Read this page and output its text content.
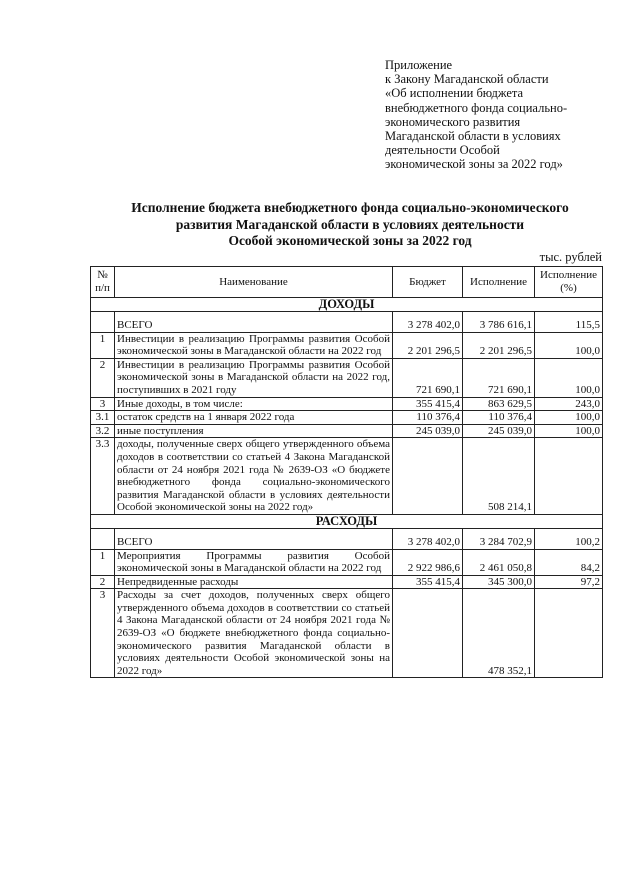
Приложение
к Закону Магаданской области
«Об исполнении бюджета
внебюджетного фонда социально-
экономического развития
Магаданской области в условиях
деятельности Особой
экономической зоны за 2022 год»
Исполнение бюджета внебюджетного фонда социально-экономического
развития Магаданской области в условиях деятельности
Особой экономической зоны за 2022 год
тыс. рублей
№ п/п	Наименование	Бюджет	Исполнение	Исполнение (%)
ДОХОДЫ				
	ВСЕГО	3 278 402,0	3 786 616,1	115,5
1	Инвестиции в реализацию Программы развития Особой экономической зоны в Магаданской области на 2022 год	2 201 296,5	2 201 296,5	100,0
2	Инвестиции в реализацию Программы развития Особой экономической зоны в Магаданской области на 2022 год, поступивших в 2021 году	721 690,1	721 690,1	100,0
3	Иные доходы, в том числе:	355 415,4	863 629,5	243,0
3.1	остаток средств на 1 января 2022 года	110 376,4	110 376,4	100,0
3.2	иные поступления	245 039,0	245 039,0	100,0
3.3	доходы, полученные сверх общего утвержденного объема доходов в соответствии со статьей 4 Закона Магаданской области от 24 ноября 2021 года № 2639-ОЗ «О бюджете внебюджетного фонда социально-экономического развития Магаданской области в условиях деятельности Особой экономической зоны на 2022 год»		508 214,1	
РАСХОДЫ				
	ВСЕГО	3 278 402,0	3 284 702,9	100,2
1	Мероприятия Программы развития Особой экономической зоны в Магаданской области на 2022 год	2 922 986,6	2 461 050,8	84,2
2	Непредвиденные расходы	355 415,4	345 300,0	97,2
3	Расходы за счет доходов, полученных сверх общего утвержденного объема доходов в соответствии со статьей 4 Закона Магаданской области от 24 ноября 2021 года № 2639-ОЗ «О бюджете внебюджетного фонда социально-экономического развития Магаданской области в условиях деятельности Особой экономической зоны на 2022 год»		478 352,1	
